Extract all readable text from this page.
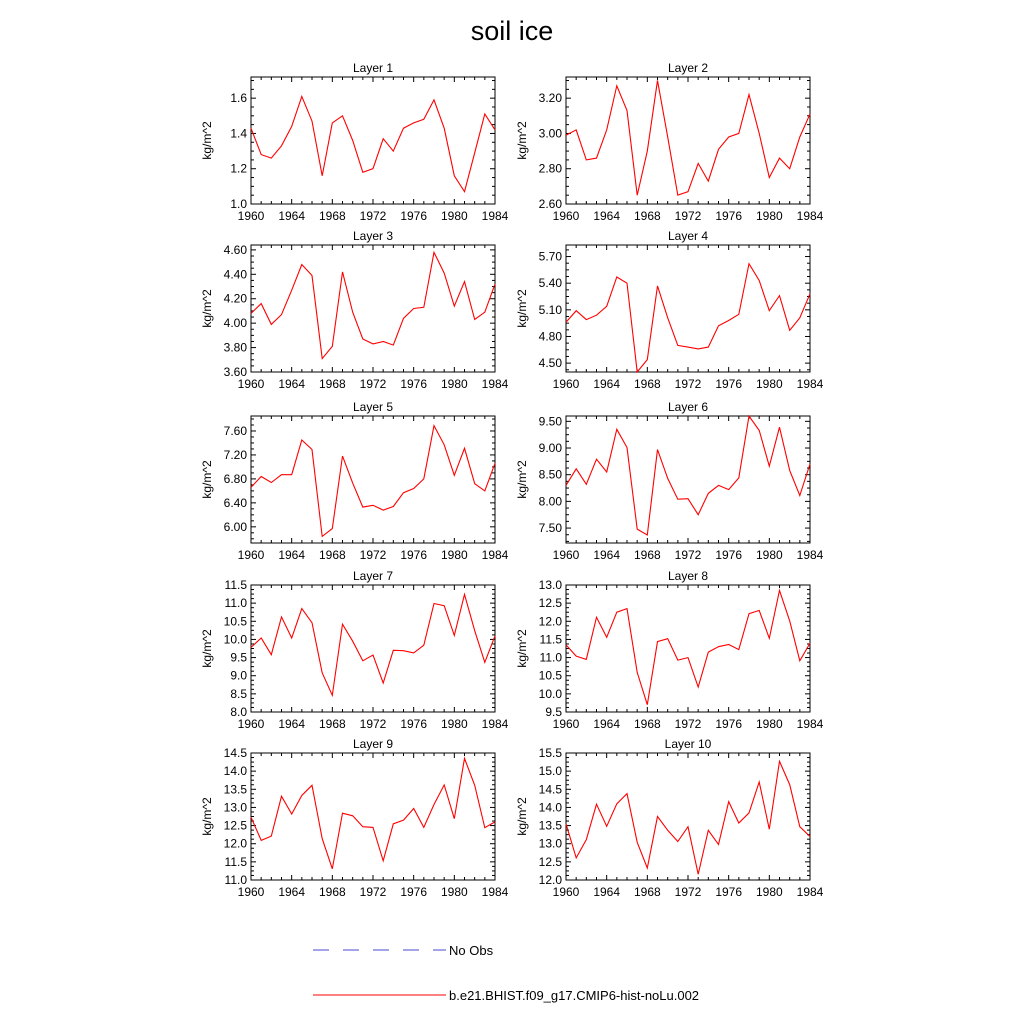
soil ice
Layer 1
1960 1964 1968 1972 1976 1980 1984
1.0
1.2
1.4
1.6
kg/m^2
Layer 2
1960 1964 1968 1972 1976 1980 1984
2.60
2.80
3.00
3.20
kg/m^2
Layer 3
1960 1964 1968 1972 1976 1980 1984
3.60
3.80
4.00
4.20
4.40
4.60
kg/m^2
Layer 4
1960 1964 1968 1972 1976 1980 1984
4.50
4.80
5.10
5.40
5.70
kg/m^2
Layer 5
1960 1964 1968 1972 1976 1980 1984
6.00
6.40
6.80
7.20
7.60
kg/m^2
Layer 6
1960 1964 1968 1972 1976 1980 1984
7.50
8.00
8.50
9.00
9.50
kg/m^2
Layer 7
1960 1964 1968 1972 1976 1980 1984
8.0
8.5
9.0
9.5
10.0
10.5
11.0
11.5
kg/m^2
Layer 8
1960 1964 1968 1972 1976 1980 1984
9.5
10.0
10.5
11.0
11.5
12.0
12.5
13.0
kg/m^2
Layer 9
1960 1964 1968 1972 1976 1980 1984
11.0
11.5
12.0
12.5
13.0
13.5
14.0
14.5
kg/m^2
Layer 10
1960 1964 1968 1972 1976 1980 1984
12.0
12.5
13.0
13.5
14.0
14.5
15.0
15.5
kg/m^2
No Obs
b.e21.BHIST.f09_g17.CMIP6-hist-noLu.002
